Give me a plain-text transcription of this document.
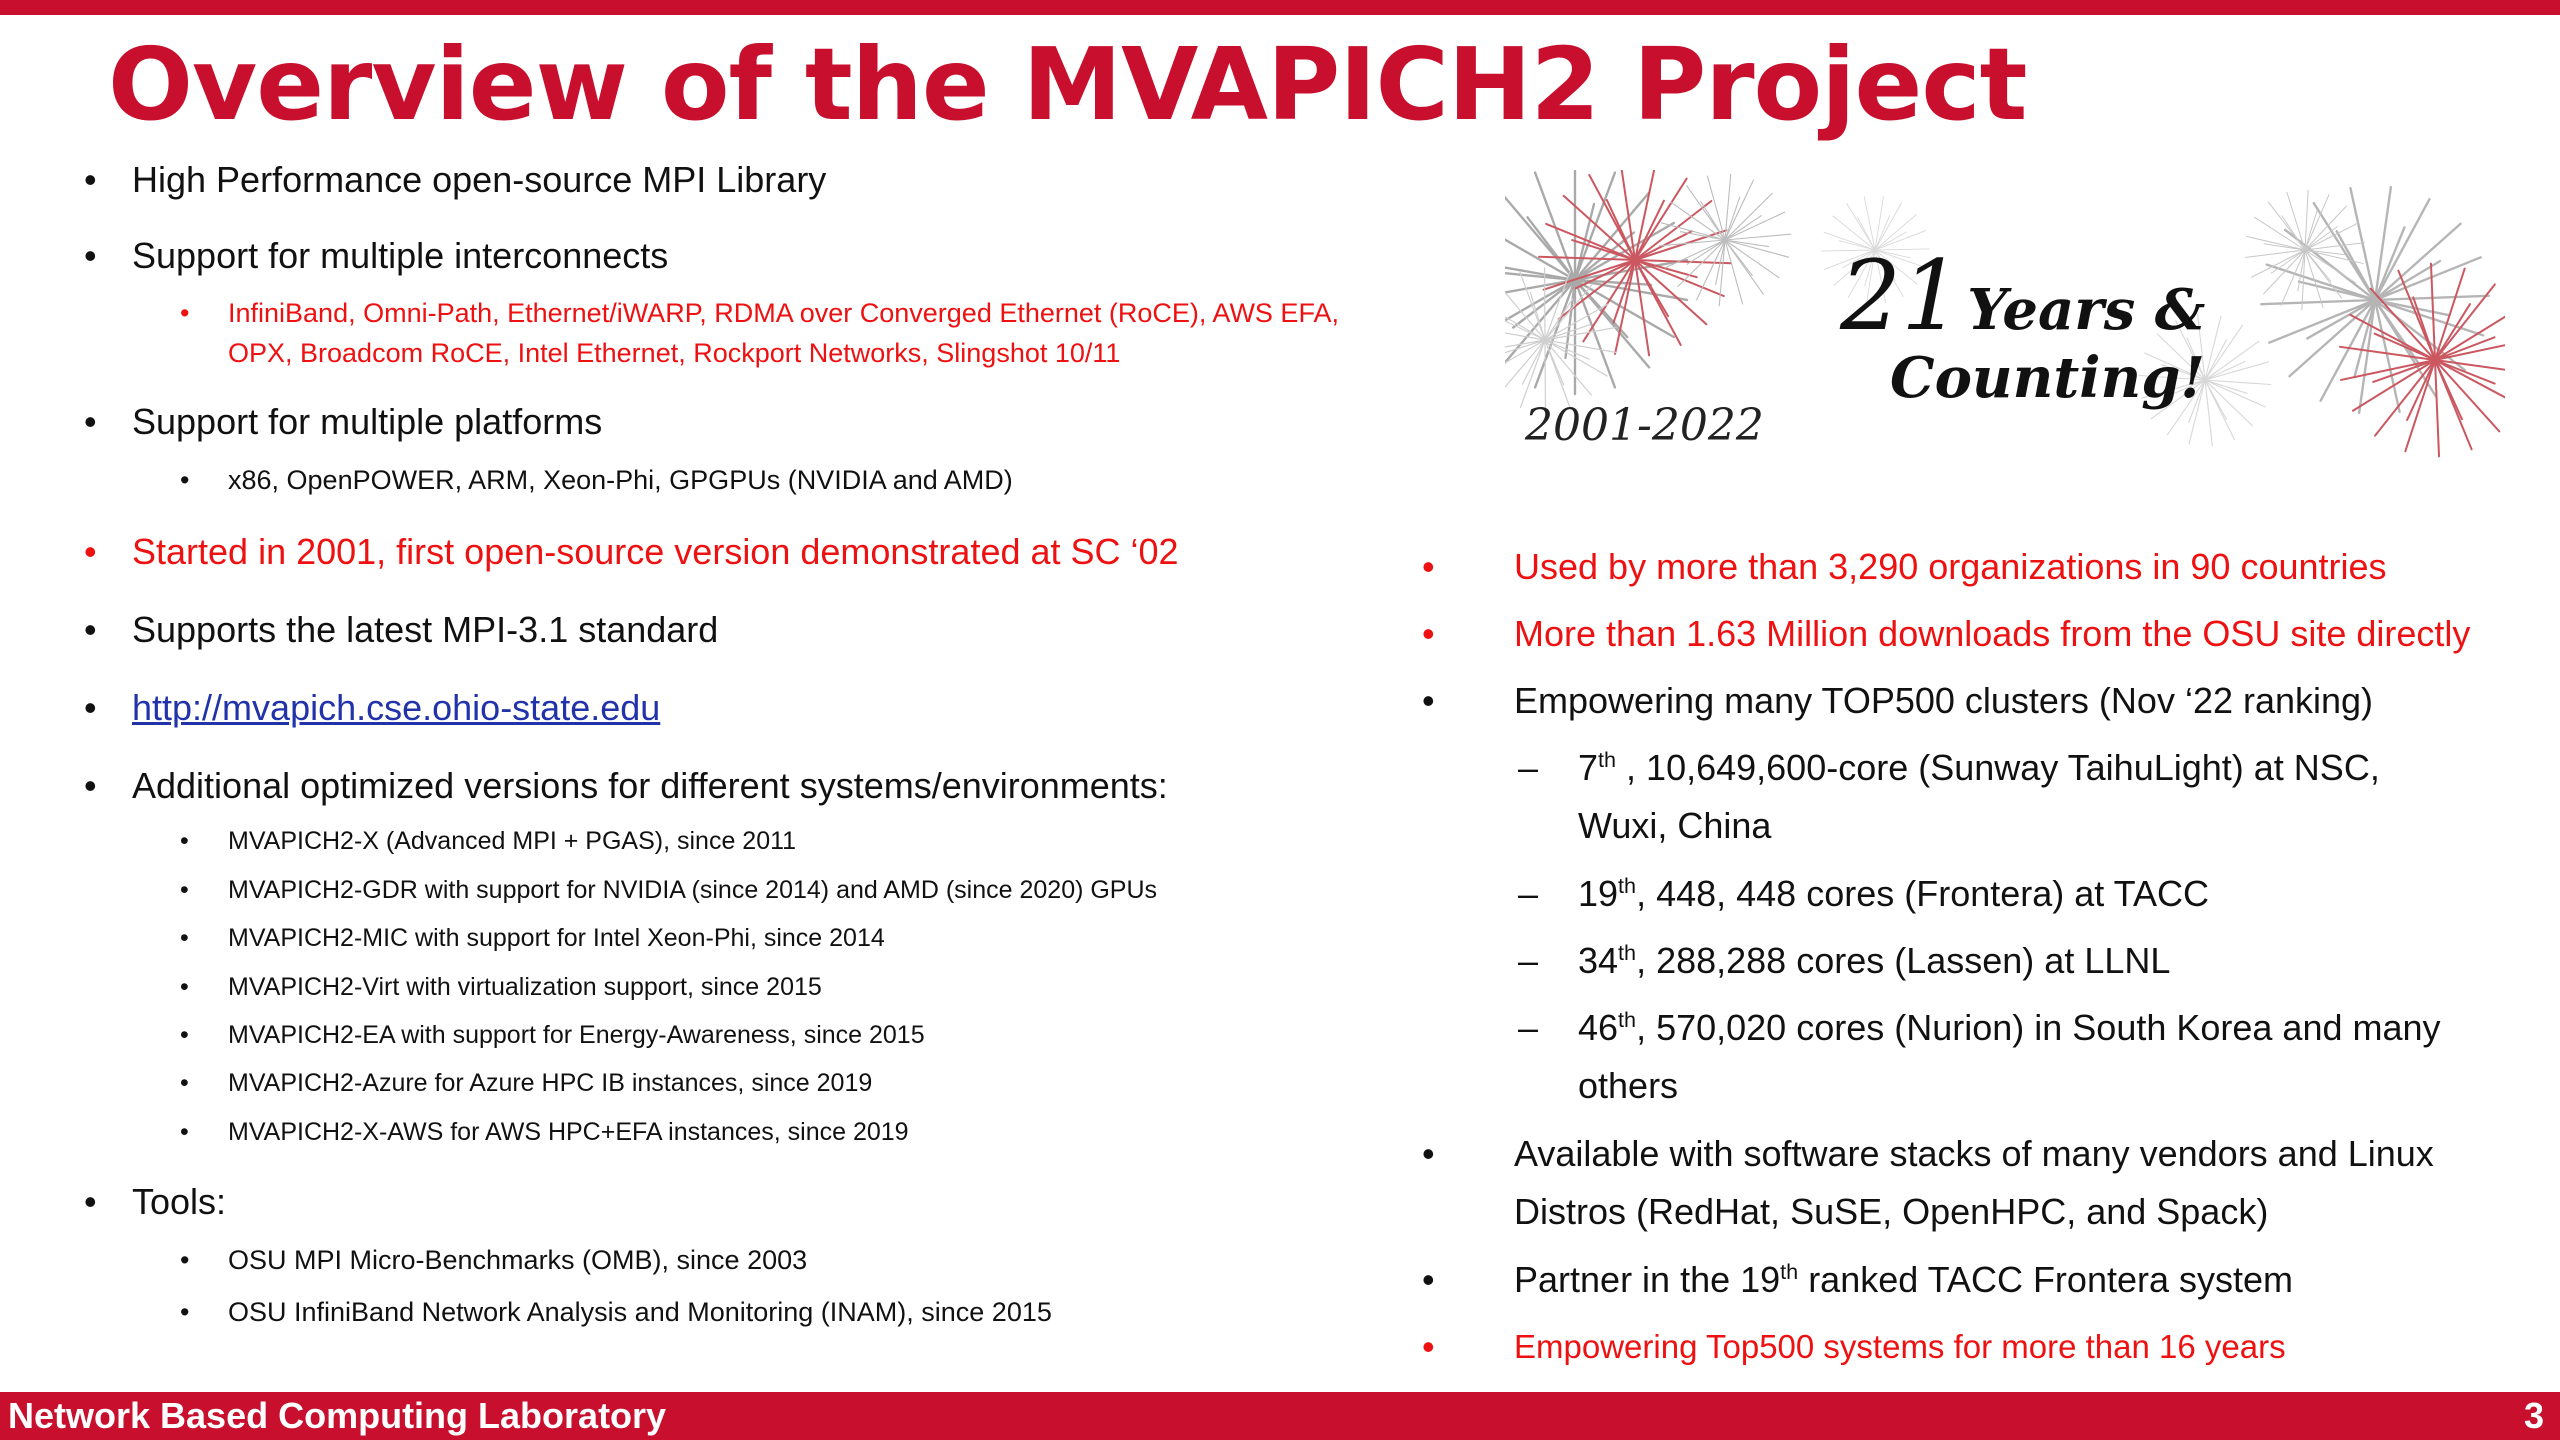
Overview of the MVAPICH2 Project
• High Performance open-source MPI Library
• Support for multiple interconnects
• InfiniBand, Omni-Path, Ethernet/iWARP, RDMA over Converged Ethernet (RoCE), AWS EFA,
OPX, Broadcom RoCE, Intel Ethernet, Rockport Networks, Slingshot 10/11
• Support for multiple platforms
• x86, OpenPOWER, ARM, Xeon-Phi, GPGPUs (NVIDIA and AMD)
• Started in 2001, first open-source version demonstrated at SC ‘02
• Supports the latest MPI-3.1 standard
• http://mvapich.cse.ohio-state.edu
• Additional optimized versions for different systems/environments:
• MVAPICH2-X (Advanced MPI + PGAS), since 2011
• MVAPICH2-GDR with support for NVIDIA (since 2014) and AMD (since 2020) GPUs
• MVAPICH2-MIC with support for Intel Xeon-Phi, since 2014
• MVAPICH2-Virt with virtualization support, since 2015
• MVAPICH2-EA with support for Energy-Awareness, since 2015
• MVAPICH2-Azure for Azure HPC IB instances, since 2019
• MVAPICH2-X-AWS for AWS HPC+EFA instances, since 2019
• Tools:
• OSU MPI Micro-Benchmarks (OMB), since 2003
• OSU InfiniBand Network Analysis and Monitoring (INAM), since 2015
21 Years &
Counting!
2001-2022
• Used by more than 3,290 organizations in 90 countries
• More than 1.63 Million downloads from the OSU site directly
• Empowering many TOP500 clusters (Nov ‘22 ranking)
– 7th , 10,649,600-core (Sunway TaihuLight) at NSC,
Wuxi, China
– 19th, 448, 448 cores (Frontera) at TACC
– 34th, 288,288 cores (Lassen) at LLNL
– 46th, 570,020 cores (Nurion) in South Korea and many
others
• Available with software stacks of many vendors and Linux
Distros (RedHat, SuSE, OpenHPC, and Spack)
• Partner in the 19th ranked TACC Frontera system
• Empowering Top500 systems for more than 16 years
Network Based Computing Laboratory	3
